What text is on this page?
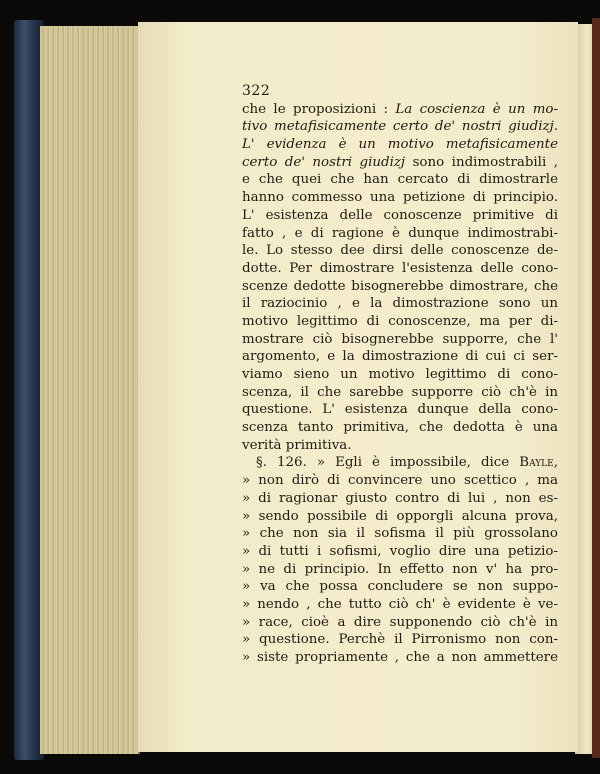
322
che le proposizioni : La coscienza è un mo-
tivo metafisicamente certo de' nostri giudizj.
L' evidenza è un motivo metafisicamente
certo de' nostri giudizj sono indimostrabili ,
e che quei che han cercato di dimostrarle
hanno commesso una petizione di principio.
L' esistenza delle conoscenze primitive di
fatto , e di ragione è dunque indimostrabi-
le. Lo stesso dee dirsi delle conoscenze de-
dotte. Per dimostrare l'esistenza delle cono-
scenze dedotte bisognerebbe dimostrare, che
il raziocinio , e la dimostrazione sono un
motivo legittimo di conoscenze, ma per di-
mostrare ciò bisognerebbe supporre, che l'
argomento, e la dimostrazione di cui ci ser-
viamo sieno un motivo legittimo di cono-
scenza, il che sarebbe supporre ciò ch'è in
questione. L' esistenza dunque della cono-
scenza tanto primitiva, che dedotta è una
verità primitiva.
§. 126. » Egli è impossibile, dice Bayle,
» non dirò di convincere uno scettico , ma
» di ragionar giusto contro di lui , non es-
» sendo possibile di opporgli alcuna prova,
» che non sia il sofisma il più grossolano
» di tutti i sofismi, voglio dire una petizio-
» ne di principio. In effetto non v' ha pro-
» va che possa concludere se non suppo-
» nendo , che tutto ciò ch' è evidente è ve-
» race, cioè a dire supponendo ciò ch'è in
» questione. Perchè il Pirronismo non con-
» siste propriamente , che a non ammettere
